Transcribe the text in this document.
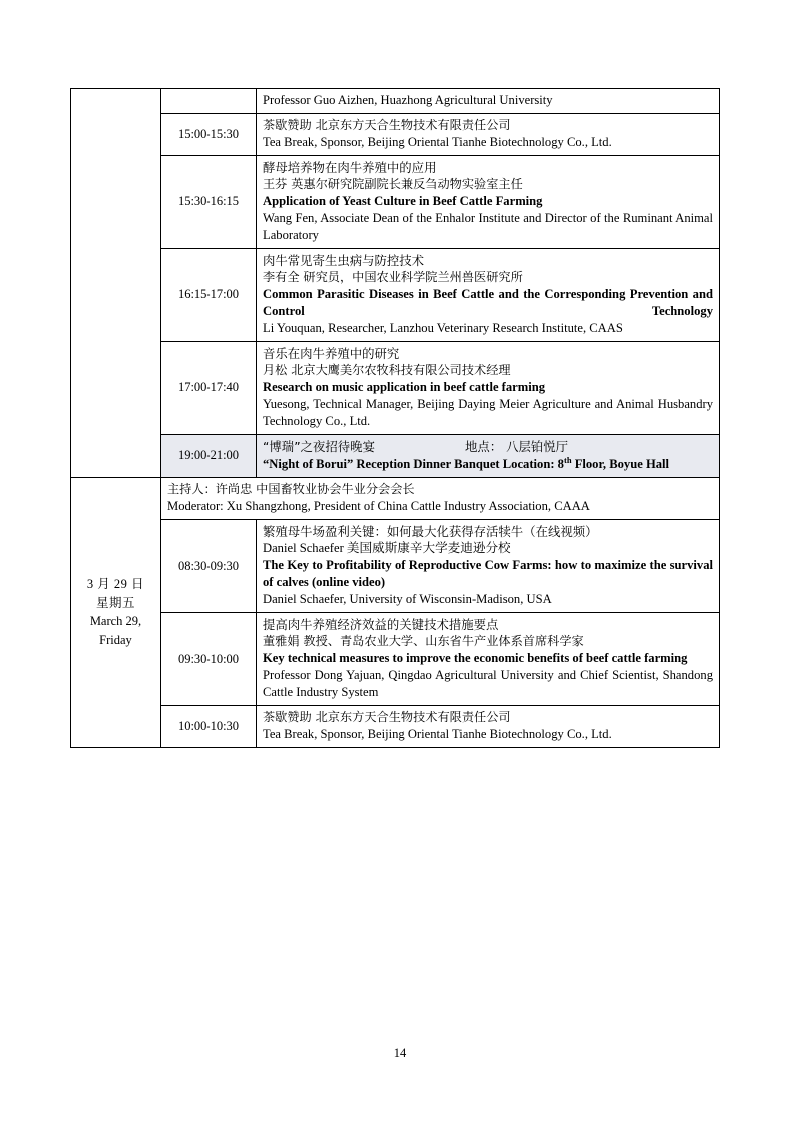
		Professor Guo Aizhen, Huazhong Agricultural University

	15:00-15:30	茶歇赞助 北京东方天合生物技术有限责任公司
Tea Break, Sponsor, Beijing Oriental Tianhe Biotechnology Co., Ltd.

	15:30-16:15	酵母培养物在肉牛养殖中的应用
王芬 英惠尔研究院副院长兼反刍动物实验室主任
Application of Yeast Culture in Beef Cattle Farming
Wang Fen, Associate Dean of the Enhalor Institute and Director of the Ruminant Animal Laboratory

	16:15-17:00	肉牛常见寄生虫病与防控技术
李有全 研究员，中国农业科学院兰州兽医研究所
Common Parasitic Diseases in Beef Cattle and the Corresponding Prevention and Control Technology
Li Youquan, Researcher, Lanzhou Veterinary Research Institute, CAAS

	17:00-17:40	音乐在肉牛养殖中的研究
月松 北京大鹰美尔农牧科技有限公司技术经理
Research on music application in beef cattle farming
Yuesong, Technical Manager, Beijing Daying Meier Agriculture and Animal Husbandry Technology Co., Ltd.

	19:00-21:00	“博瑞”之夜招待晚宴 地点： 八层铂悦厅
“Night of Borui” Reception Dinner Banquet Location: 8th Floor, Boyue Hall

3 月 29 日
星期五
March 29,
Friday

主持人：许尚忠 中国畜牧业协会牛业分会会长
Moderator: Xu Shangzhong, President of China Cattle Industry Association, CAAA

	08:30-09:30	繁殖母牛场盈利关键：如何最大化获得存活犊牛（在线视频）
Daniel Schaefer 美国威斯康辛大学麦迪逊分校
The Key to Profitability of Reproductive Cow Farms: how to maximize the survival of calves (online video)
Daniel Schaefer, University of Wisconsin-Madison, USA

	09:30-10:00	提高肉牛养殖经济效益的关键技术措施要点
董雅娟 教授、青岛农业大学、山东省牛产业体系首席科学家
Key technical measures to improve the economic benefits of beef cattle farming
Professor Dong Yajuan, Qingdao Agricultural University and Chief Scientist, Shandong Cattle Industry System

	10:00-10:30	茶歇赞助 北京东方天合生物技术有限责任公司
Tea Break, Sponsor, Beijing Oriental Tianhe Biotechnology Co., Ltd.
14
